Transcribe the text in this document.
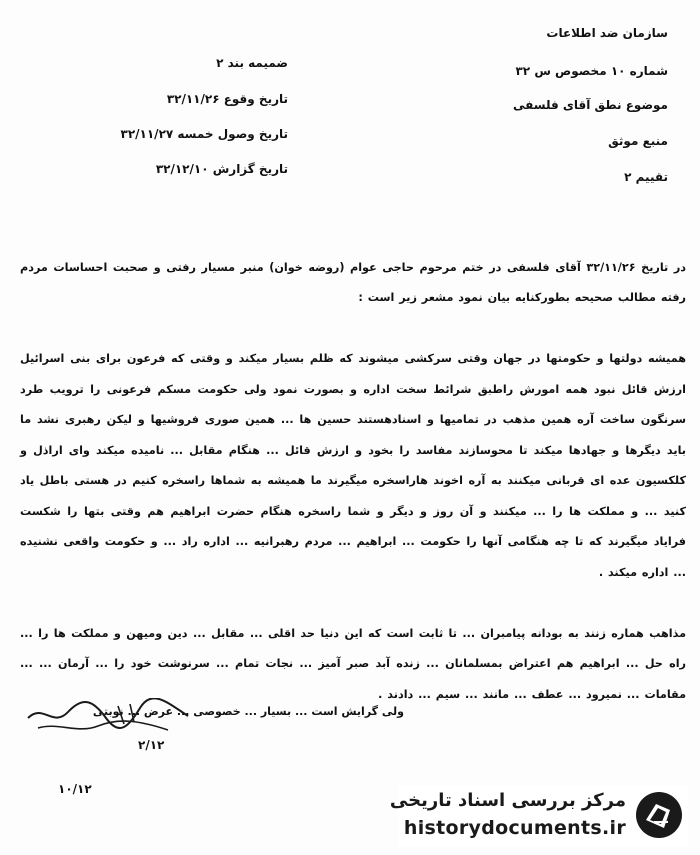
سازمان ضد اطلاعات
شماره ۱۰ مخصوص س ۳۲
موضوع نطق آقای فلسفی
منبع موثق
تقییم ۲
ضمیمه بند ۲
تاریخ وقوع ۳۲/۱۱/۲۶
تاریخ وصول خمسه ۳۲/۱۱/۲۷
تاریخ گزارش ۳۲/۱۲/۱۰

در تاریخ ۳۲/۱۱/۲۶ آقای فلسفی در ختم مرحوم حاجی عوام (روضه خوان) منبر مسیار رفتی و صحبت احساسات مردم رفته مطالب صحیحه بطورکنایه بیان نمود مشعر زیر است :

همیشه دولتها و حکومتها در جهان وقتی سرکشی میشوند که ظلم بسیار میکند و وقتی که فرعون برای بنی اسرائیل ارزش قائل نبود همه امورش راطبق شرائط سخت اداره و بصورت نمود ولی حکومت مسکم فرعونی را ترویب طرد سرنگون ساخت آره همین مذهب در تمامیها و اسنادهستند حسین ها ... همین صوری فروشیها و لیکن رهبری نشد ما باید دیگرها و جهادها میکند تا محوسازند مفاسد را بخود و ارزش قائل ... هنگام مقابل ... نامیده میکند وای اراذل و کلکسیون عده ای قربانی میکنند به آره اخوند هاراسخره میگیرند ما همیشه به شماها راسخره کنیم در هستی باطل یاد کنید ... و مملکت ها را ... میکنند و آن روز و دیگر و شما راسخره هنگام حضرت ابراهیم هم وقتی بتها را شکست فرایاد میگیرند که تا چه هنگامی آنها را حکومت ... ابراهیم ... مردم رهبرانیه ... اداره راد ... و حکومت واقعی نشنیده ... اداره میکند .

مذاهب هماره زنند به بودانه پیامبران ... تا ثابت است که این دنیا حد اقلی ... مقابل ... دین ومیهن و مملکت ها را ... راه حل ... ابراهیم هم اعتراض بمسلمانان ... زنده آبد صبر آمیز ... نجات تمام ... سرنوشت خود را ... آرمان ... ... مقامات ... نمیرود ... عطف ... مانند ... سیم ... دادند .

ولی گرایش است ... بسیار ... خصوصی ... عرض ... نوبتی
۲/۱۲
۱۰/۱۲
مرکز بررسی اسناد تاریخی
historydocuments.ir
